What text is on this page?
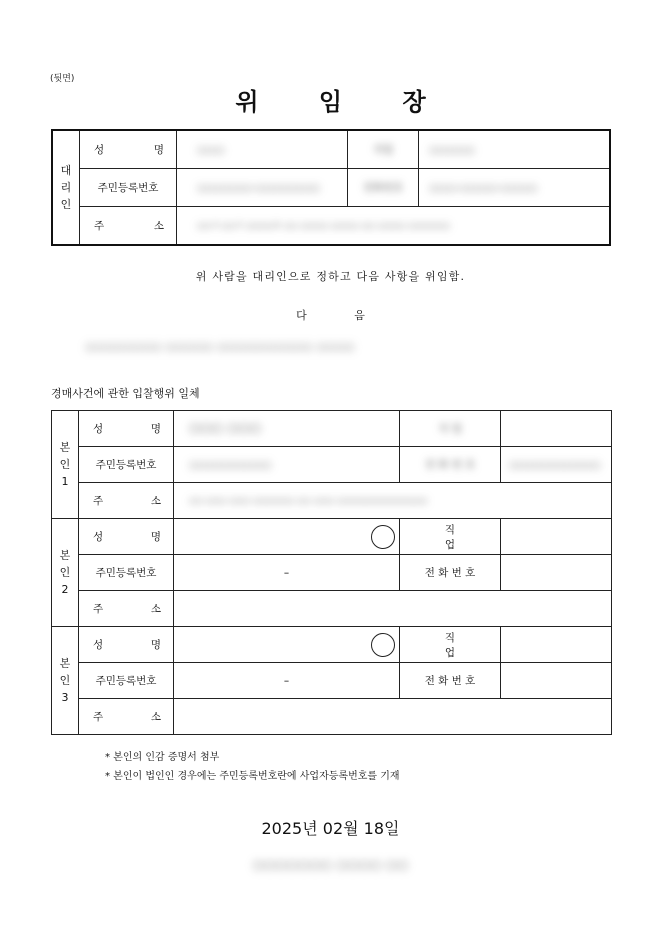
(뒷면)
위 임 장
대
리
인	성 명	○○○	직업	○○○○○
	주민등록번호	○○○○○○-○○○○○○○	전화번호	○○○-○○○○-○○○○

	주 소	○○시 ○○구 ○○○○로 ○○ ○○○○ ○○○○ ○○ ○○○○ ○○○○○○		
위 사람을 대리인으로 정하고 다음 사항을 위임함.
다 음
○○○○○○○○ ○○○○○ ○○○○○○○○○○ ○○○○
경매사건에 관한 입찰행위 일체
본
인
1	성 명	○○○ ○○○	직 업	
	주민등록번호	○○○○○○○○○	전 화 번 호	○○○○○○○○○○

	주 소	○○ ○○○ ○○○ ○○○○○○ ○○ ○○○ ○○○○○○○○○○○○○		
본
인
2	성 명		직 업	
	주민등록번호	–	전 화 번 호	

	주 소			

본
인
3	성 명		직 업	
	주민등록번호	–	전 화 번 호	

	주 소			

* 본인의 인감 증명서 첨부
* 본인이 법인인 경우에는 주민등록번호란에 사업자등록번호를 기재
2025년 02월 18일
○○○○○○○ ○○○○ ○○
